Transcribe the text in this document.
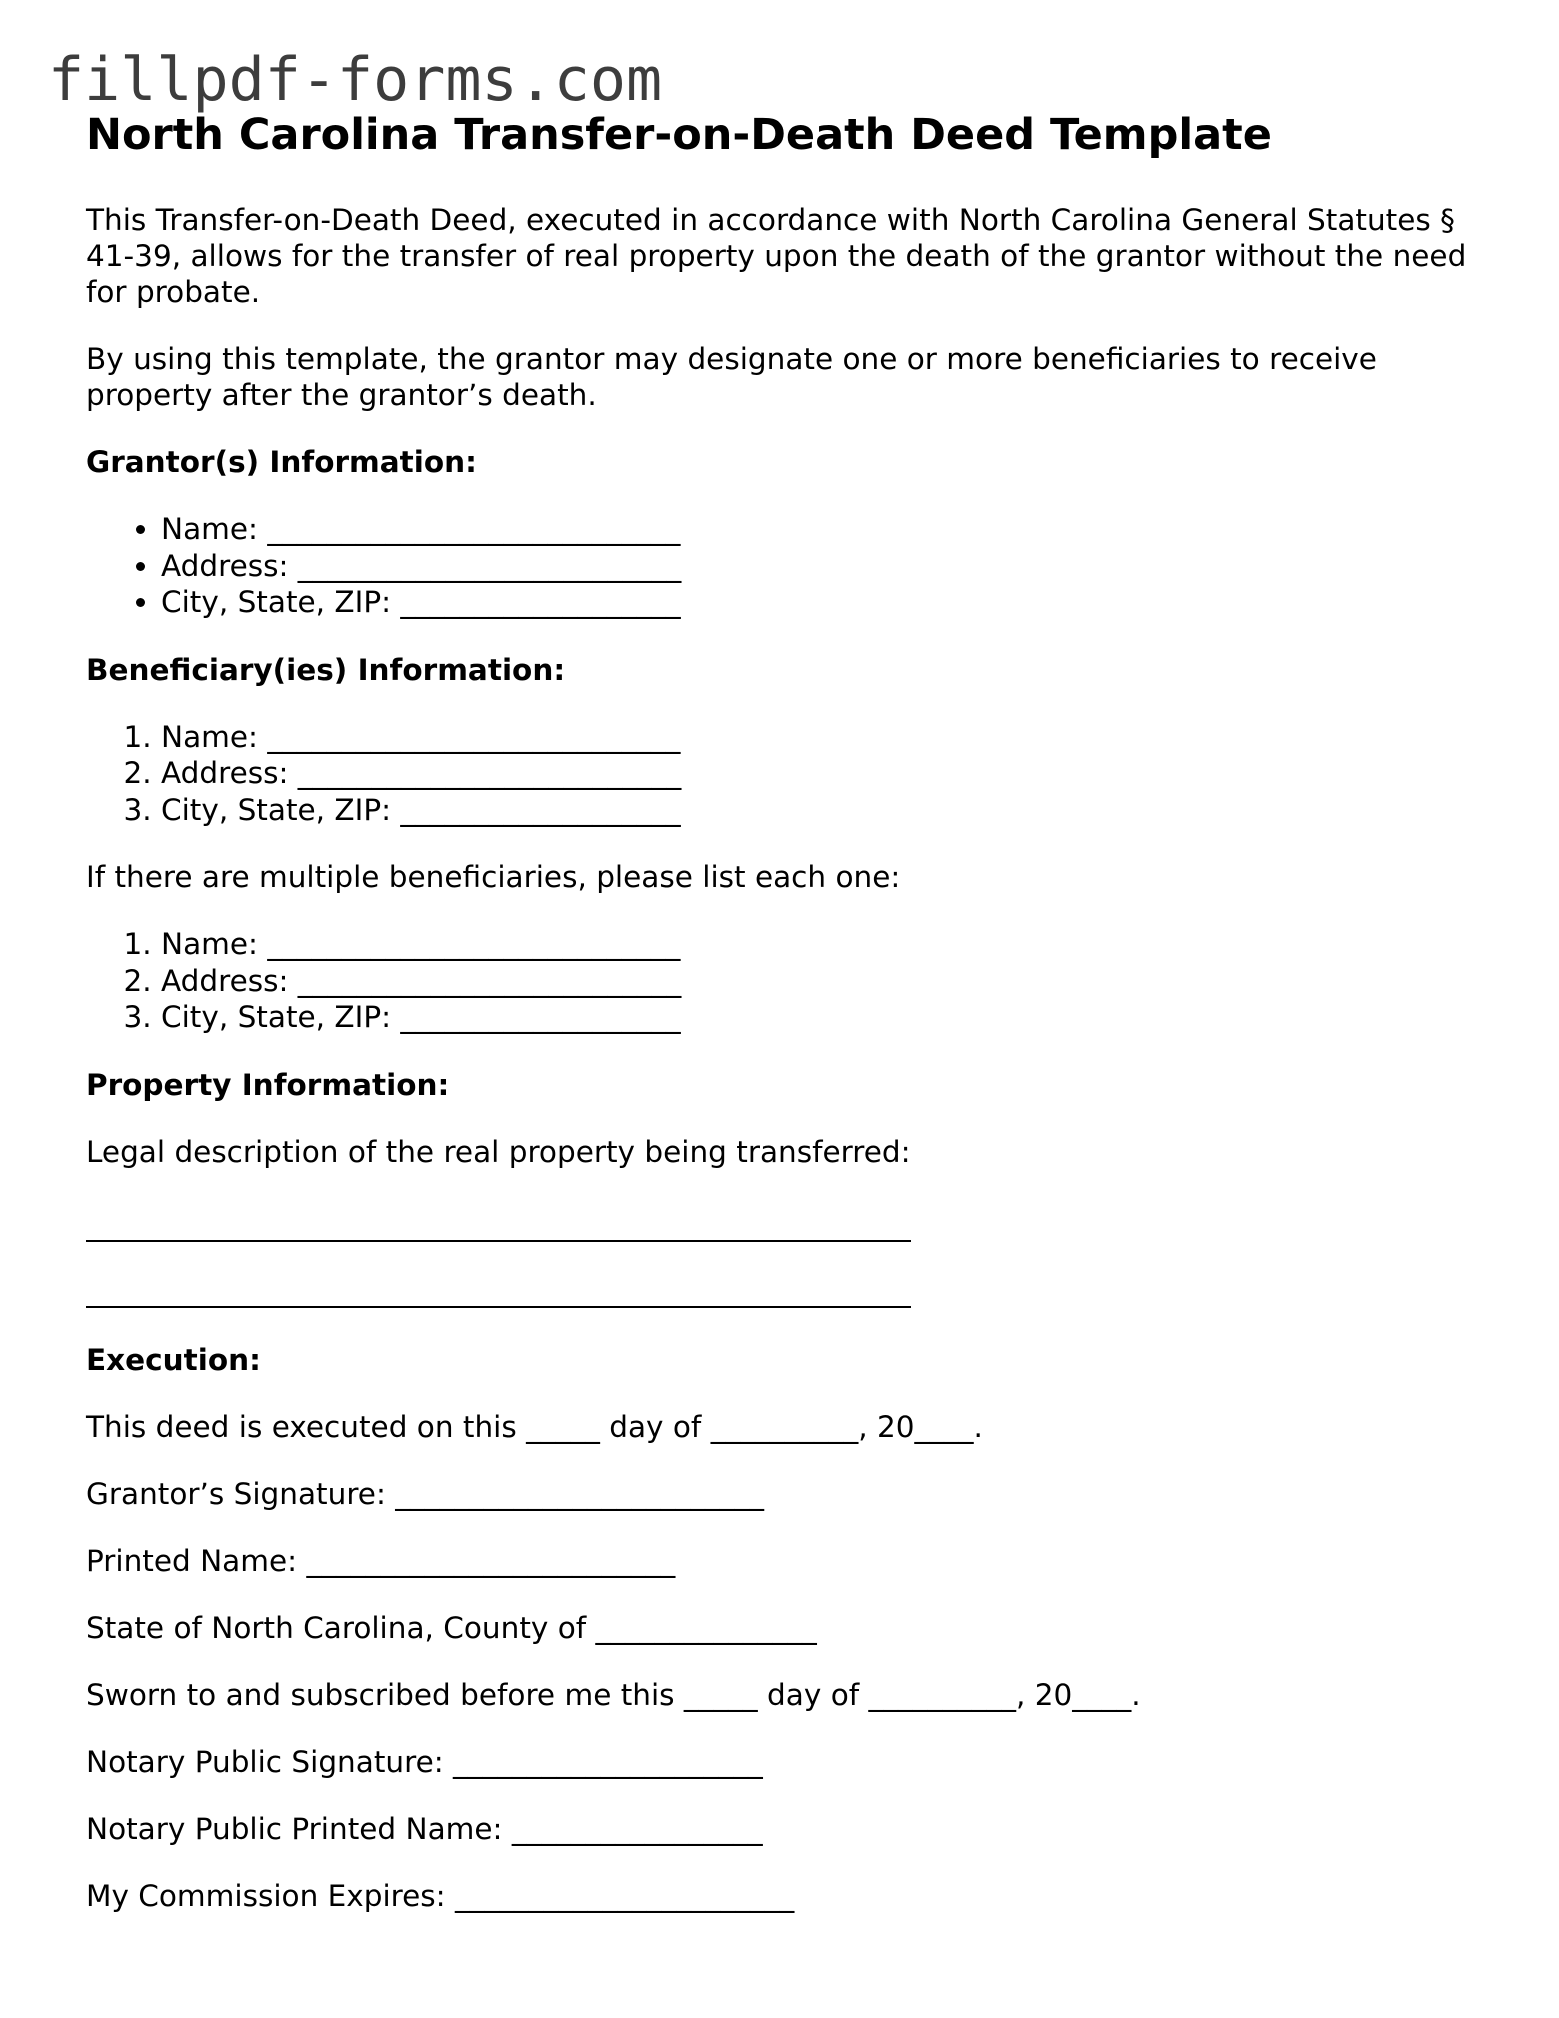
fillpdf-forms.com
North Carolina Transfer-on-Death Deed Template

This Transfer-on-Death Deed, executed in accordance with North Carolina General Statutes § 41-39, allows for the transfer of real property upon the death of the grantor without the need for probate.

By using this template, the grantor may designate one or more beneficiaries to receive property after the grantor’s death.

Grantor(s) Information:
• Name: ____________________________
• Address: __________________________
• City, State, ZIP: ___________________
Beneficiary(ies) Information:
1. Name: ____________________________
2. Address: __________________________
3. City, State, ZIP: ___________________

If there are multiple beneficiaries, please list each one:

1. Name: ____________________________
2. Address: __________________________
3. City, State, ZIP: ___________________
Property Information:

Legal description of the real property being transferred:

Execution:

This deed is executed on this _____ day of __________, 20____.

Grantor’s Signature: _________________________

Printed Name: _________________________

State of North Carolina, County of _______________

Sworn to and subscribed before me this _____ day of __________, 20____.

Notary Public Signature: _____________________

Notary Public Printed Name: _________________

My Commission Expires: _______________________
